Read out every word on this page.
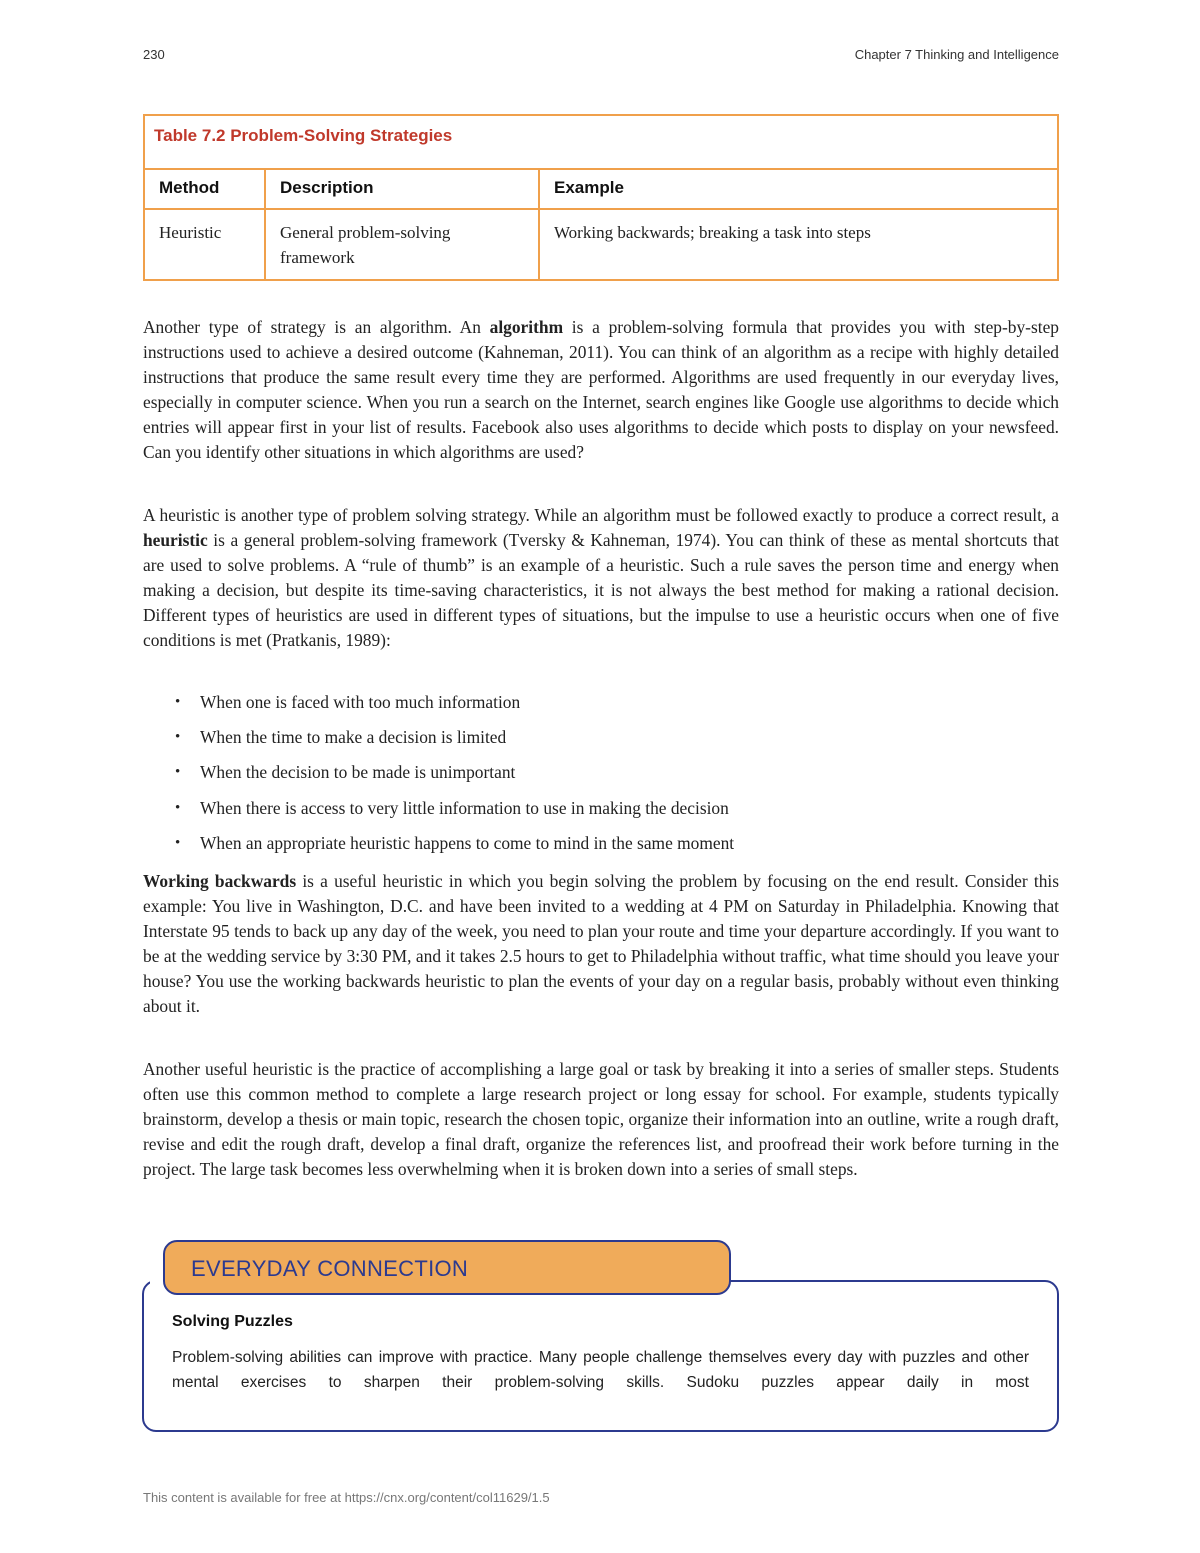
230	Chapter 7 Thinking and Intelligence
Table 7.2 Problem-Solving Strategies
Method	Description	Example
Heuristic	General problem-solving framework	Working backwards; breaking a task into steps

Another type of strategy is an algorithm. An algorithm is a problem-solving formula that provides you with step-by-step instructions used to achieve a desired outcome (Kahneman, 2011). You can think of an algorithm as a recipe with highly detailed instructions that produce the same result every time they are performed. Algorithms are used frequently in our everyday lives, especially in computer science. When you run a search on the Internet, search engines like Google use algorithms to decide which entries will appear first in your list of results. Facebook also uses algorithms to decide which posts to display on your newsfeed. Can you identify other situations in which algorithms are used?

A heuristic is another type of problem solving strategy. While an algorithm must be followed exactly to produce a correct result, a heuristic is a general problem-solving framework (Tversky & Kahneman, 1974). You can think of these as mental shortcuts that are used to solve problems. A “rule of thumb” is an example of a heuristic. Such a rule saves the person time and energy when making a decision, but despite its time-saving characteristics, it is not always the best method for making a rational decision. Different types of heuristics are used in different types of situations, but the impulse to use a heuristic occurs when one of five conditions is met (Pratkanis, 1989):

• When one is faced with too much information
• When the time to make a decision is limited
• When the decision to be made is unimportant
• When there is access to very little information to use in making the decision
• When an appropriate heuristic happens to come to mind in the same moment

Working backwards is a useful heuristic in which you begin solving the problem by focusing on the end result. Consider this example: You live in Washington, D.C. and have been invited to a wedding at 4 PM on Saturday in Philadelphia. Knowing that Interstate 95 tends to back up any day of the week, you need to plan your route and time your departure accordingly. If you want to be at the wedding service by 3:30 PM, and it takes 2.5 hours to get to Philadelphia without traffic, what time should you leave your house? You use the working backwards heuristic to plan the events of your day on a regular basis, probably without even thinking about it.

Another useful heuristic is the practice of accomplishing a large goal or task by breaking it into a series of smaller steps. Students often use this common method to complete a large research project or long essay for school. For example, students typically brainstorm, develop a thesis or main topic, research the chosen topic, organize their information into an outline, write a rough draft, revise and edit the rough draft, develop a final draft, organize the references list, and proofread their work before turning in the project. The large task becomes less overwhelming when it is broken down into a series of small steps.

EVERYDAY CONNECTION
Solving Puzzles
Problem-solving abilities can improve with practice. Many people challenge themselves every day with puzzles and other mental exercises to sharpen their problem-solving skills. Sudoku puzzles appear daily in most
This content is available for free at https://cnx.org/content/col11629/1.5
